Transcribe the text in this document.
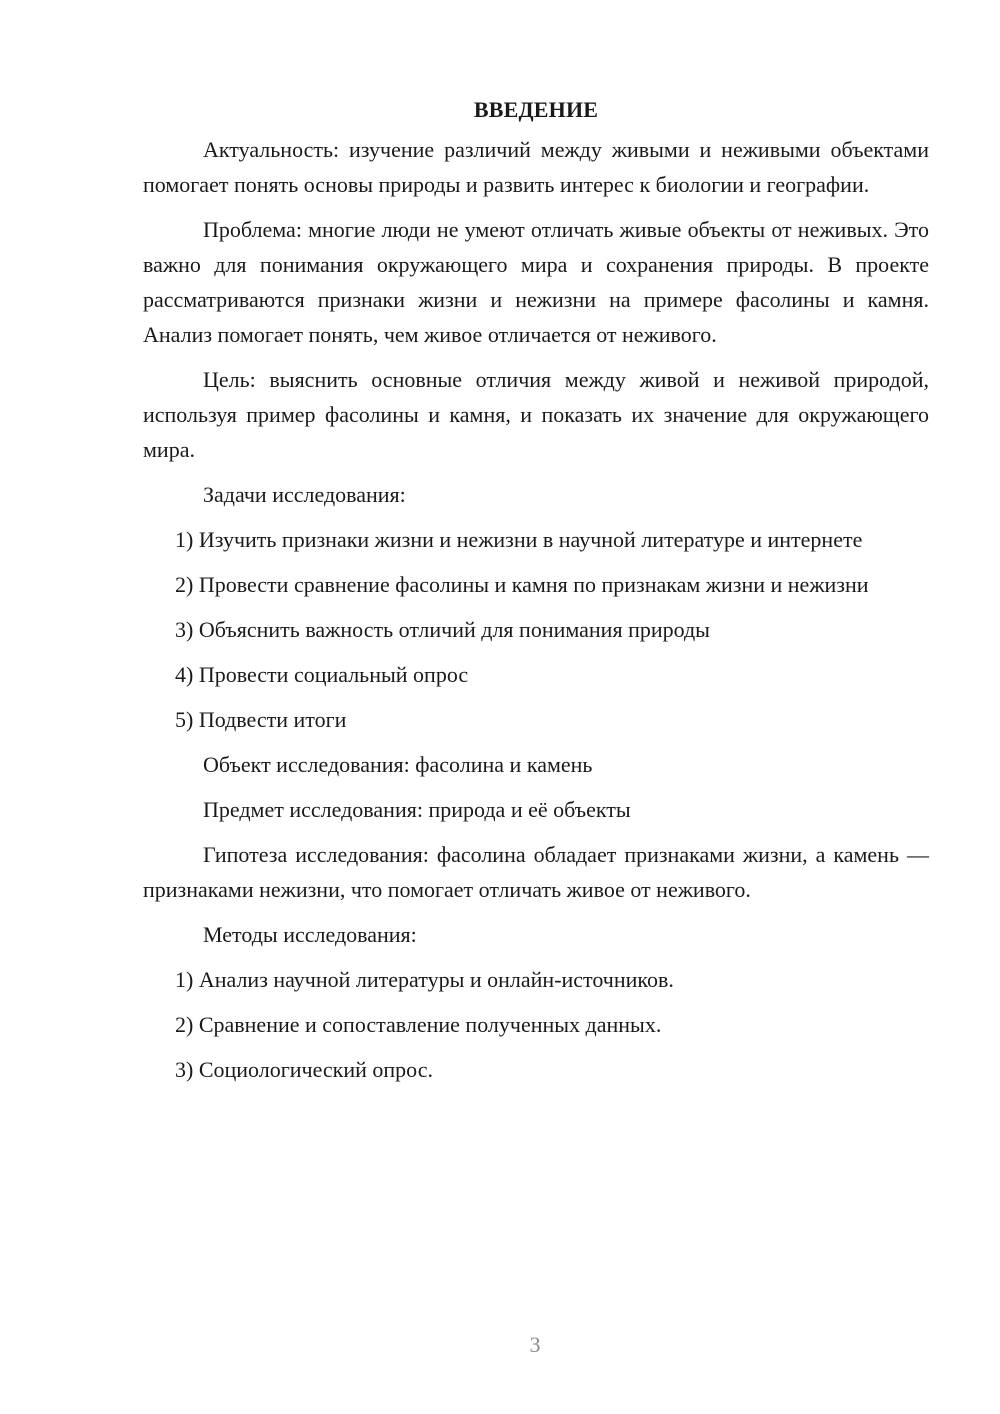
ВВЕДЕНИЕ

Актуальность: изучение различий между живыми и неживыми объектами помогает понять основы природы и развить интерес к биологии и географии.

Проблема: многие люди не умеют отличать живые объекты от неживых. Это важно для понимания окружающего мира и сохранения природы. В проекте рассматриваются признаки жизни и нежизни на примере фасолины и камня. Анализ помогает понять, чем живое отличается от неживого.

Цель: выяснить основные отличия между живой и неживой природой, используя пример фасолины и камня, и показать их значение для окружающего мира.

Задачи исследования:

1) Изучить признаки жизни и нежизни в научной литературе и интернете

2) Провести сравнение фасолины и камня по признакам жизни и нежизни

3) Объяснить важность отличий для понимания природы

4) Провести социальный опрос

5) Подвести итоги

Объект исследования: фасолина и камень

Предмет исследования: природа и её объекты

Гипотеза исследования: фасолина обладает признаками жизни, а камень — признаками нежизни, что помогает отличать живое от неживого.

Методы исследования:

1) Анализ научной литературы и онлайн-источников.

2) Сравнение и сопоставление полученных данных.

3) Социологический опрос.

3
